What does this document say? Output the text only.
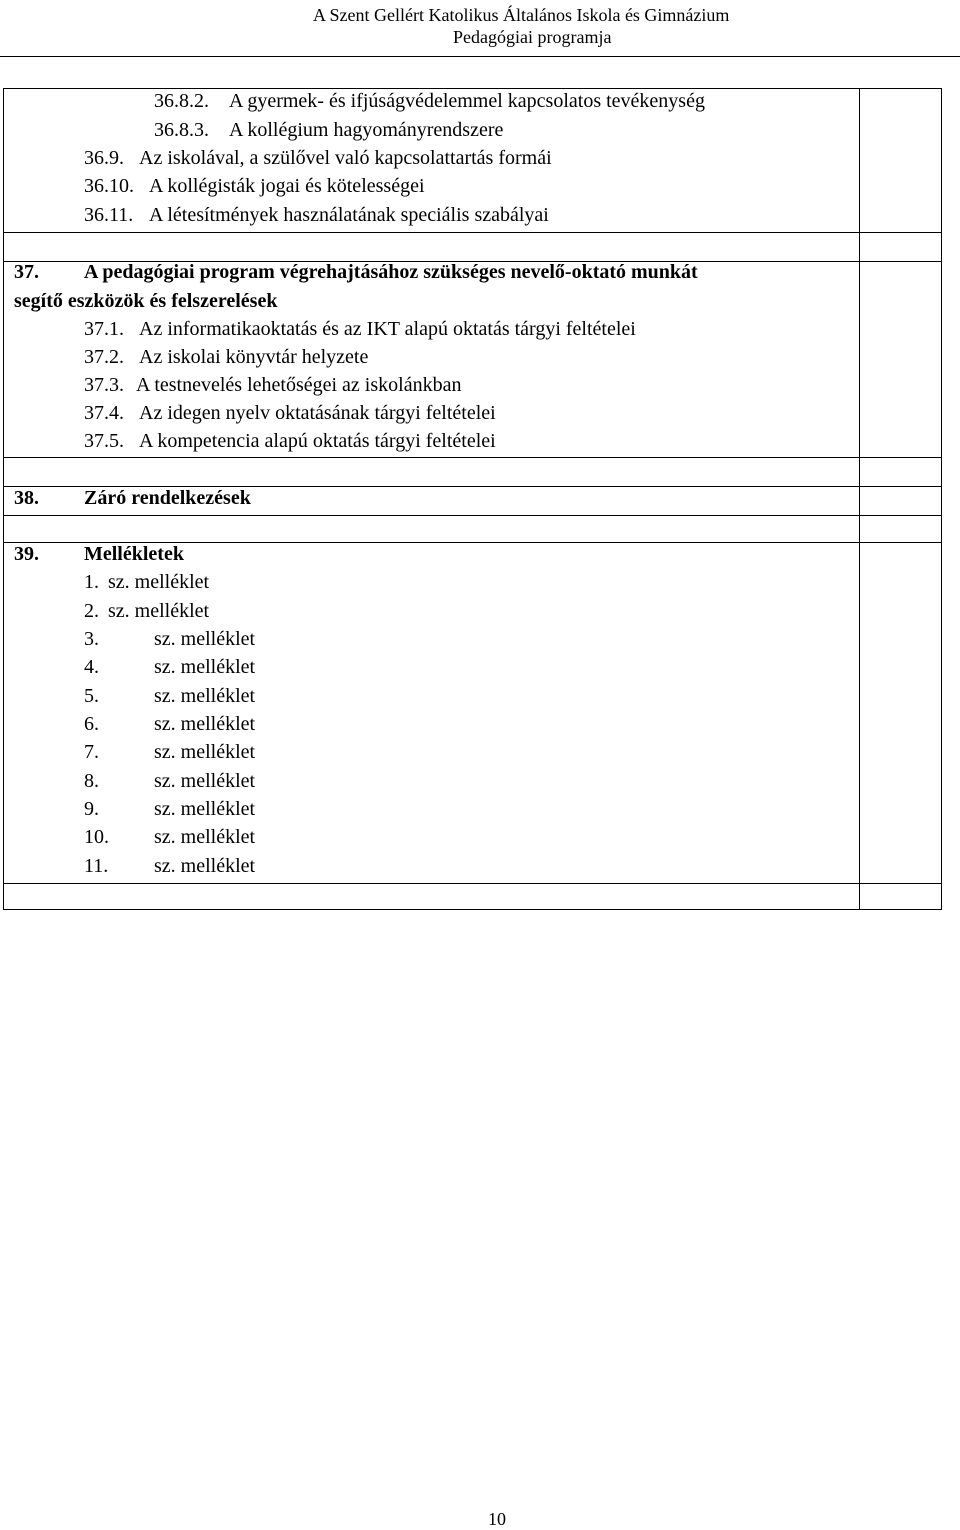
A Szent Gellért Katolikus Általános Iskola és Gimnázium
Pedagógiai programja
36.8.2. A gyermek- és ifjúságvédelemmel kapcsolatos tevékenység
36.8.3. A kollégium hagyományrendszere
36.9. Az iskolával, a szülővel való kapcsolattartás formái
36.10. A kollégisták jogai és kötelességei
36.11. A létesítmények használatának speciális szabályai
37. A pedagógiai program végrehajtásához szükséges nevelő-oktató munkát
segítő eszközök és felszerelések
37.1. Az informatikaoktatás és az IKT alapú oktatás tárgyi feltételei
37.2. Az iskolai könyvtár helyzete
37.3. A testnevelés lehetőségei az iskolánkban
37.4. Az idegen nyelv oktatásának tárgyi feltételei
37.5. A kompetencia alapú oktatás tárgyi feltételei
38. Záró rendelkezések
39. Mellékletek
1. sz. melléklet
2. sz. melléklet
3.	sz. melléklet
4.	sz. melléklet
5.	sz. melléklet
6.	sz. melléklet
7.	sz. melléklet
8.	sz. melléklet
9.	sz. melléklet
10. sz. melléklet
11. sz. melléklet
10
